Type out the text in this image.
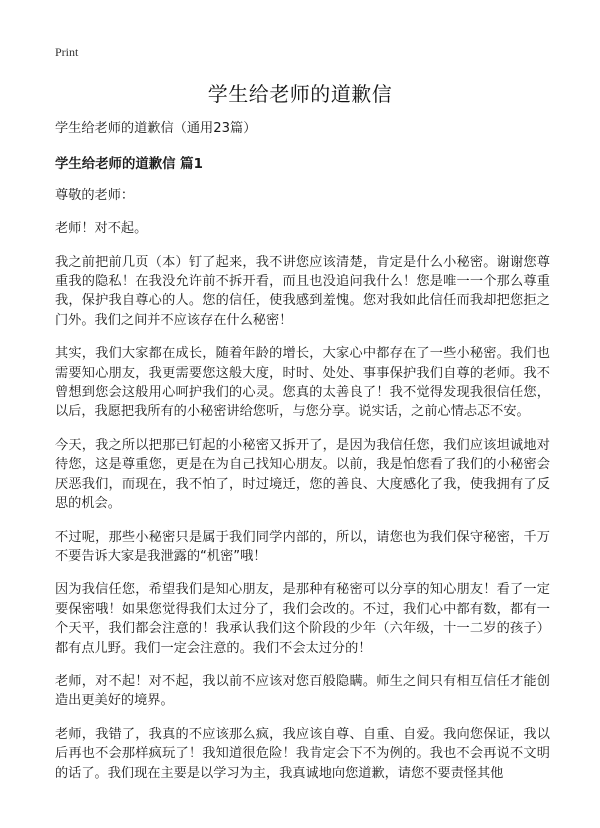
Print
学生给老师的道歉信

学生给老师的道歉信（通用23篇）

学生给老师的道歉信 篇1

尊敬的老师：

老师！对不起。

我之前把前几页（本）钉了起来，我不讲您应该清楚，肯定是什么小秘密。谢谢您尊重我的隐私！在我没允许前不拆开看，而且也没追问我什么！您是唯一一个那么尊重我，保护我自尊心的人。您的信任，使我感到羞愧。您对我如此信任而我却把您拒之门外。我们之间并不应该存在什么秘密！

其实，我们大家都在成长，随着年龄的增长，大家心中都存在了一些小秘密。我们也需要知心朋友，我更需要您这般大度，时时、处处、事事保护我们自尊的老师。我不曾想到您会这般用心呵护我们的心灵。您真的太善良了！我不觉得发现我很信任您，以后，我愿把我所有的小秘密讲给您听，与您分享。说实话，之前心情忐忑不安。

今天，我之所以把那已钉起的小秘密又拆开了，是因为我信任您，我们应该坦诚地对待您，这是尊重您，更是在为自己找知心朋友。以前，我是怕您看了我们的小秘密会厌恶我们，而现在，我不怕了，时过境迁，您的善良、大度感化了我，使我拥有了反思的机会。

不过呢，那些小秘密只是属于我们同学内部的，所以，请您也为我们保守秘密，千万不要告诉大家是我泄露的“机密”哦！

因为我信任您，希望我们是知心朋友，是那种有秘密可以分享的知心朋友！看了一定要保密哦！如果您觉得我们太过分了，我们会改的。不过，我们心中都有数，都有一个天平，我们都会注意的！我承认我们这个阶段的少年（六年级，十一二岁的孩子）都有点儿野。我们一定会注意的。我们不会太过分的！

老师，对不起！对不起，我以前不应该对您百般隐瞒。师生之间只有相互信任才能创造出更美好的境界。

老师，我错了，我真的不应该那么疯，我应该自尊、自重、自爱。我向您保证，我以后再也不会那样疯玩了！我知道很危险！我肯定会下不为例的。我也不会再说不文明的话了。我们现在主要是以学习为主，我真诚地向您道歉，请您不要责怪其他
